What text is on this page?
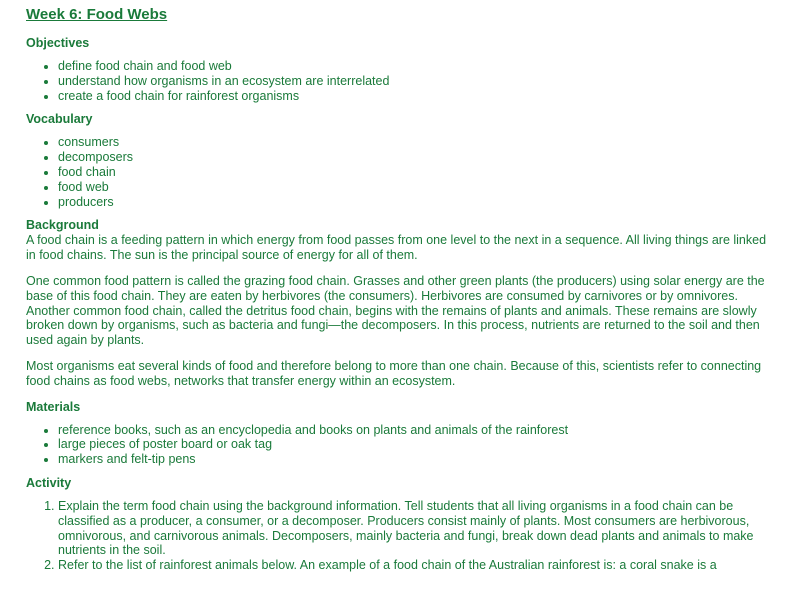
Week 6: Food Webs
Objectives
• define food chain and food web
• understand how organisms in an ecosystem are interrelated
• create a food chain for rainforest organisms
Vocabulary
• consumers
• decomposers
• food chain
• food web
• producers
Background

A food chain is a feeding pattern in which energy from food passes from one level to the next in a sequence. All living things are linked in food chains. The sun is the principal source of energy for all of them.

One common food pattern is called the grazing food chain. Grasses and other green plants (the producers) using solar energy are the base of this food chain. They are eaten by herbivores (the consumers). Herbivores are consumed by carnivores or by omnivores. Another common food chain, called the detritus food chain, begins with the remains of plants and animals. These remains are slowly broken down by organisms, such as bacteria and fungi—the decomposers. In this process, nutrients are returned to the soil and then used again by plants.

Most organisms eat several kinds of food and therefore belong to more than one chain. Because of this, scientists refer to connecting food chains as food webs, networks that transfer energy within an ecosystem.

Materials
• reference books, such as an encyclopedia and books on plants and animals of the rainforest
• large pieces of poster board or oak tag
• markers and felt-tip pens
Activity
1. Explain the term food chain using the background information. Tell students that all living organisms in a food chain can be classified as a producer, a consumer, or a decomposer. Producers consist mainly of plants. Most consumers are herbivorous, omnivorous, and carnivorous animals. Decomposers, mainly bacteria and fungi, break down dead plants and animals to make nutrients in the soil.
2. Refer to the list of rainforest animals below. An example of a food chain of the Australian rainforest is: a coral snake is a
